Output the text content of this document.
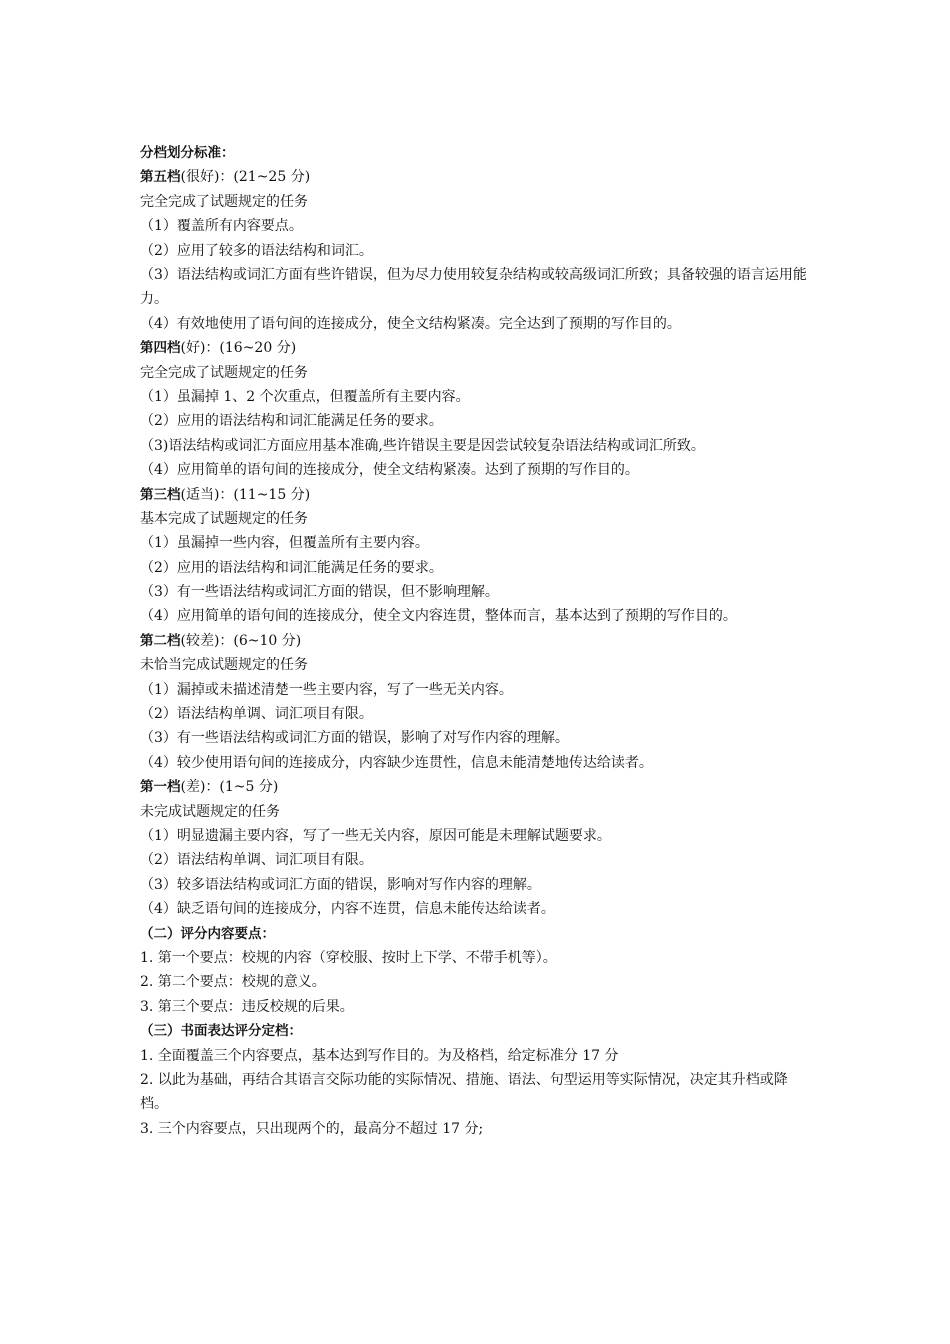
分档划分标准：
第五档(很好)：(21~25 分)
完全完成了试题规定的任务
（1）覆盖所有内容要点。
（2）应用了较多的语法结构和词汇。
（3）语法结构或词汇方面有些许错误，但为尽力使用较复杂结构或较高级词汇所致；具备较强的语言运用能力。
（4）有效地使用了语句间的连接成分，使全文结构紧凑。完全达到了预期的写作目的。
第四档(好)：(16~20 分)
完全完成了试题规定的任务
（1）虽漏掉 1、2 个次重点，但覆盖所有主要内容。
（2）应用的语法结构和词汇能满足任务的要求。
（3)语法结构或词汇方面应用基本准确,些许错误主要是因尝试较复杂语法结构或词汇所致。
（4）应用简单的语句间的连接成分，使全文结构紧凑。达到了预期的写作目的。
第三档(适当)：(11~15 分)
基本完成了试题规定的任务
（1）虽漏掉一些内容，但覆盖所有主要内容。
（2）应用的语法结构和词汇能满足任务的要求。
（3）有一些语法结构或词汇方面的错误，但不影响理解。
（4）应用简单的语句间的连接成分，使全文内容连贯，整体而言，基本达到了预期的写作目的。
第二档(较差)：(6~10 分)
未恰当完成试题规定的任务
（1）漏掉或未描述清楚一些主要内容，写了一些无关内容。
（2）语法结构单调、词汇项目有限。
（3）有一些语法结构或词汇方面的错误，影响了对写作内容的理解。
（4）较少使用语句间的连接成分，内容缺少连贯性，信息未能清楚地传达给读者。
第一档(差)：(1~5 分)
未完成试题规定的任务
（1）明显遗漏主要内容，写了一些无关内容，原因可能是未理解试题要求。
（2）语法结构单调、词汇项目有限。
（3）较多语法结构或词汇方面的错误，影响对写作内容的理解。
（4）缺乏语句间的连接成分，内容不连贯，信息未能传达给读者。
（二）评分内容要点：
1. 第一个要点：校规的内容（穿校服、按时上下学、不带手机等）。
2. 第二个要点：校规的意义。
3. 第三个要点：违反校规的后果。
（三）书面表达评分定档：
1. 全面覆盖三个内容要点，基本达到写作目的。为及格档，给定标准分 17 分
2. 以此为基础，再结合其语言交际功能的实际情况、措施、语法、句型运用等实际情况，决定其升档或降档。
3. 三个内容要点，只出现两个的，最高分不超过 17 分;
